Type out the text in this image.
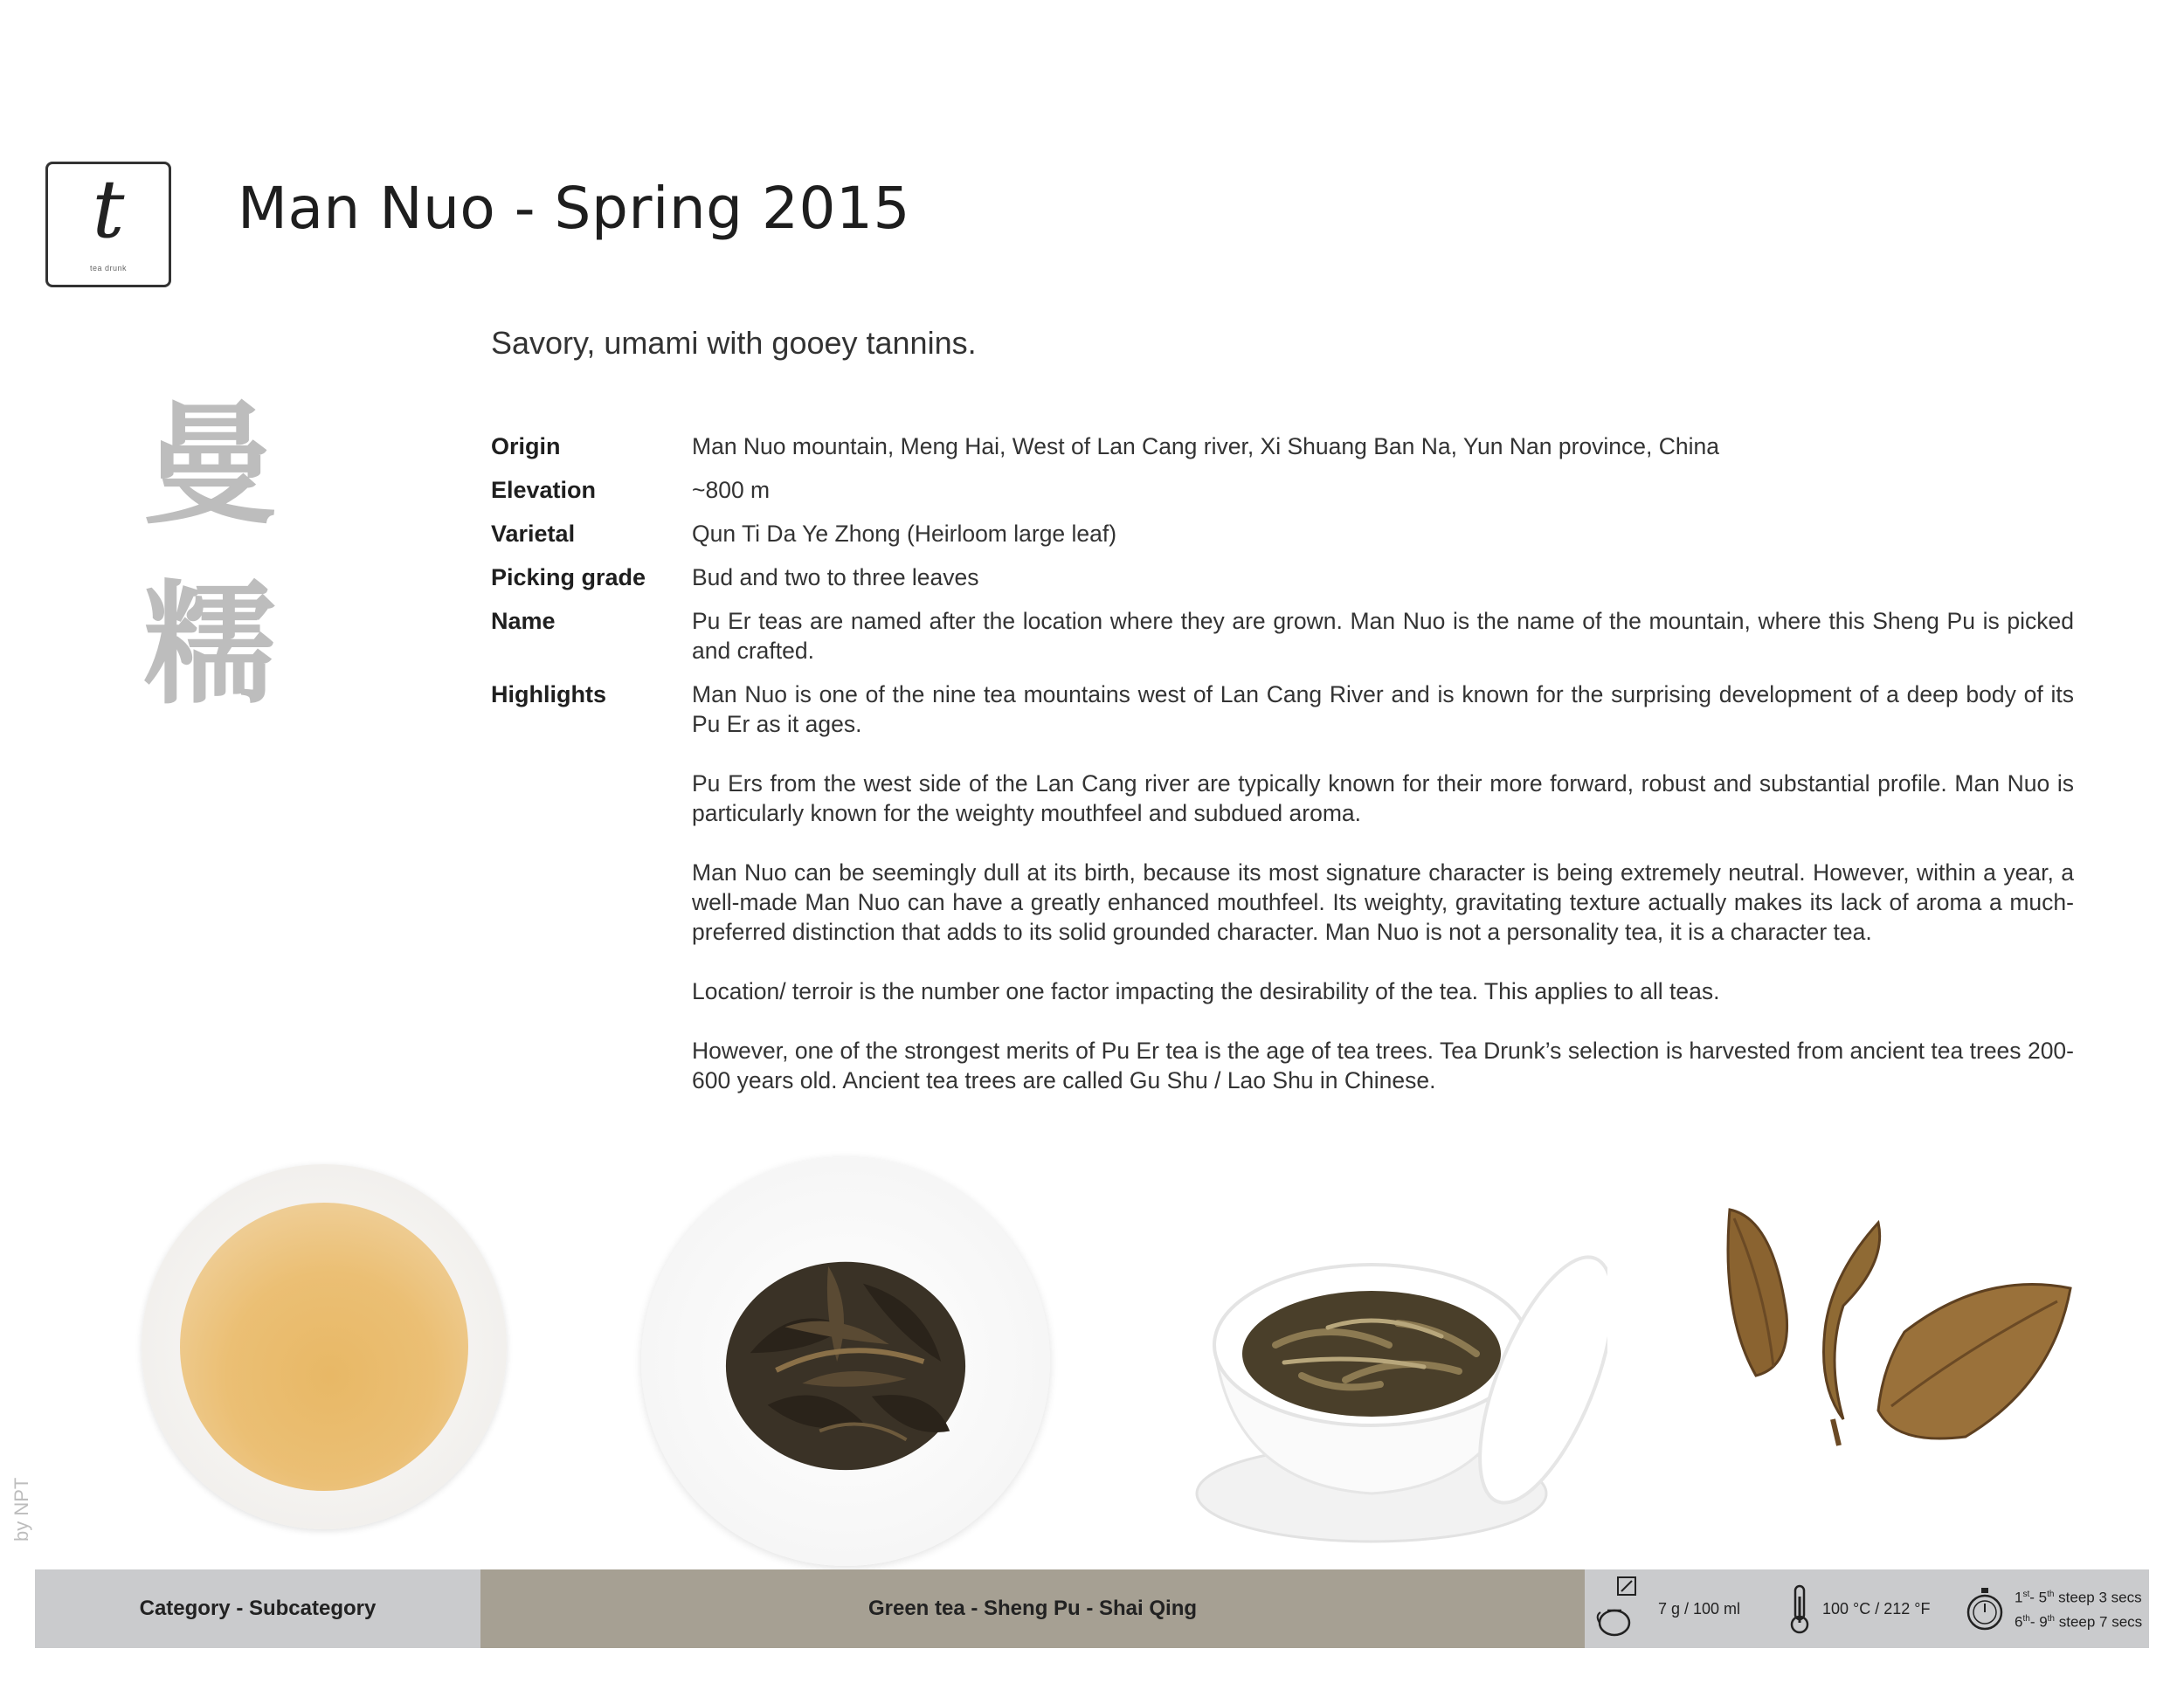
t
tea drunk
Man Nuo - Spring 2015
Savory, umami with gooey tannins.
曼
糯
Origin	Man Nuo mountain, Meng Hai, West of Lan Cang river, Xi Shuang Ban Na, Yun Nan province, China

Elevation	~800 m

Varietal	Qun Ti Da Ye Zhong (Heirloom large leaf)

Picking grade	Bud and two to three leaves

Name	Pu Er teas are named after the location where they are grown. Man Nuo is the name of the mountain, where this Sheng Pu is picked and crafted.

Highlights	Man Nuo is one of the nine tea mountains west of Lan Cang River and is known for the surprising development of a deep body of its Pu Er as it ages.

Pu Ers from the west side of the Lan Cang river are typically known for their more forward, robust and substantial profile. Man Nuo is particularly known for the weighty mouthfeel and subdued aroma.

Man Nuo can be seemingly dull at its birth, because its most signature character is being extremely neutral. However, within a year, a well-made Man Nuo can have a greatly enhanced mouthfeel. Its weighty, gravitating texture actually makes its lack of aroma a much-preferred distinction that adds to its solid grounded character. Man Nuo is not a personality tea, it is a character tea.

Location/ terroir is the number one factor impacting the desirability of the tea. This applies to all teas.

However, one of the strongest merits of Pu Er tea is the age of tea trees. Tea Drunk’s selection is harvested from ancient tea trees 200-600 years old. Ancient tea trees are called Gu Shu / Lao Shu in Chinese.

by NPT
Category - Subcategory	Green tea - Sheng Pu - Shai Qing	7 g / 100 ml	100 °C / 212 °F
1st- 5th steep 3 secs
6th- 9th steep 7 secs
